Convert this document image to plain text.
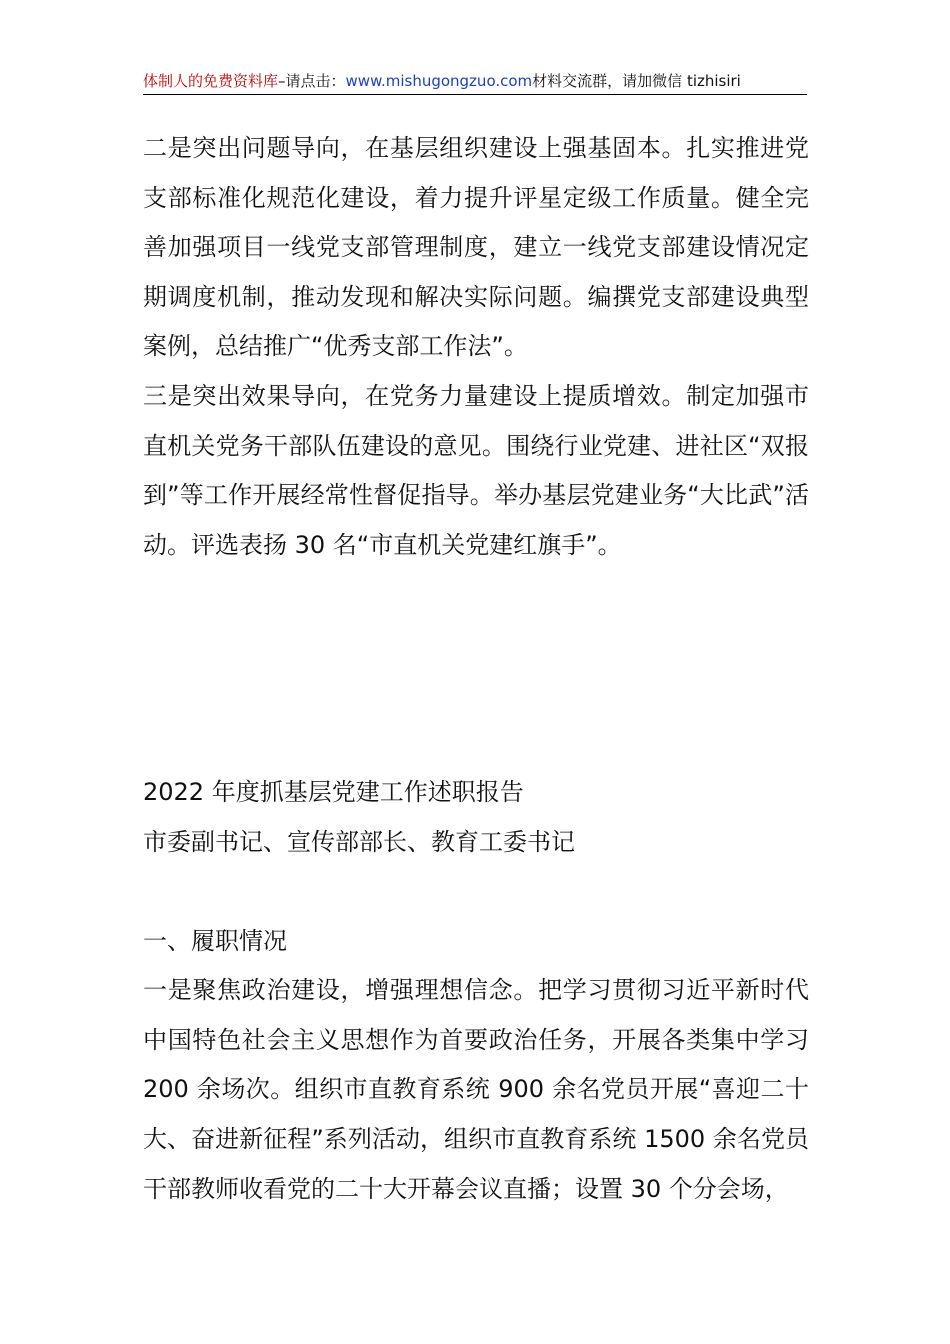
体制人的免费资料库–请点击：www.mishugongzuo.com材料交流群，请加微信 tizhisiri

二是突出问题导向，在基层组织建设上强基固本。扎实推进党支部标准化规范化建设，着力提升评星定级工作质量。健全完善加强项目一线党支部管理制度，建立一线党支部建设情况定期调度机制，推动发现和解决实际问题。编撰党支部建设典型案例，总结推广“优秀支部工作法”。

三是突出效果导向，在党务力量建设上提质增效。制定加强市直机关党务干部队伍建设的意见。围绕行业党建、进社区“双报到”等工作开展经常性督促指导。举办基层党建业务“大比武”活动。评选表扬 30 名“市直机关党建红旗手”。

2022 年度抓基层党建工作述职报告

市委副书记、宣传部部长、教育工委书记

一、履职情况

一是聚焦政治建设，增强理想信念。把学习贯彻习近平新时代中国特色社会主义思想作为首要政治任务，开展各类集中学习 200 余场次。组织市直教育系统 900 余名党员开展“喜迎二十大、奋进新征程”系列活动，组织市直教育系统 1500 余名党员干部教师收看党的二十大开幕会议直播；设置 30 个分会场，
